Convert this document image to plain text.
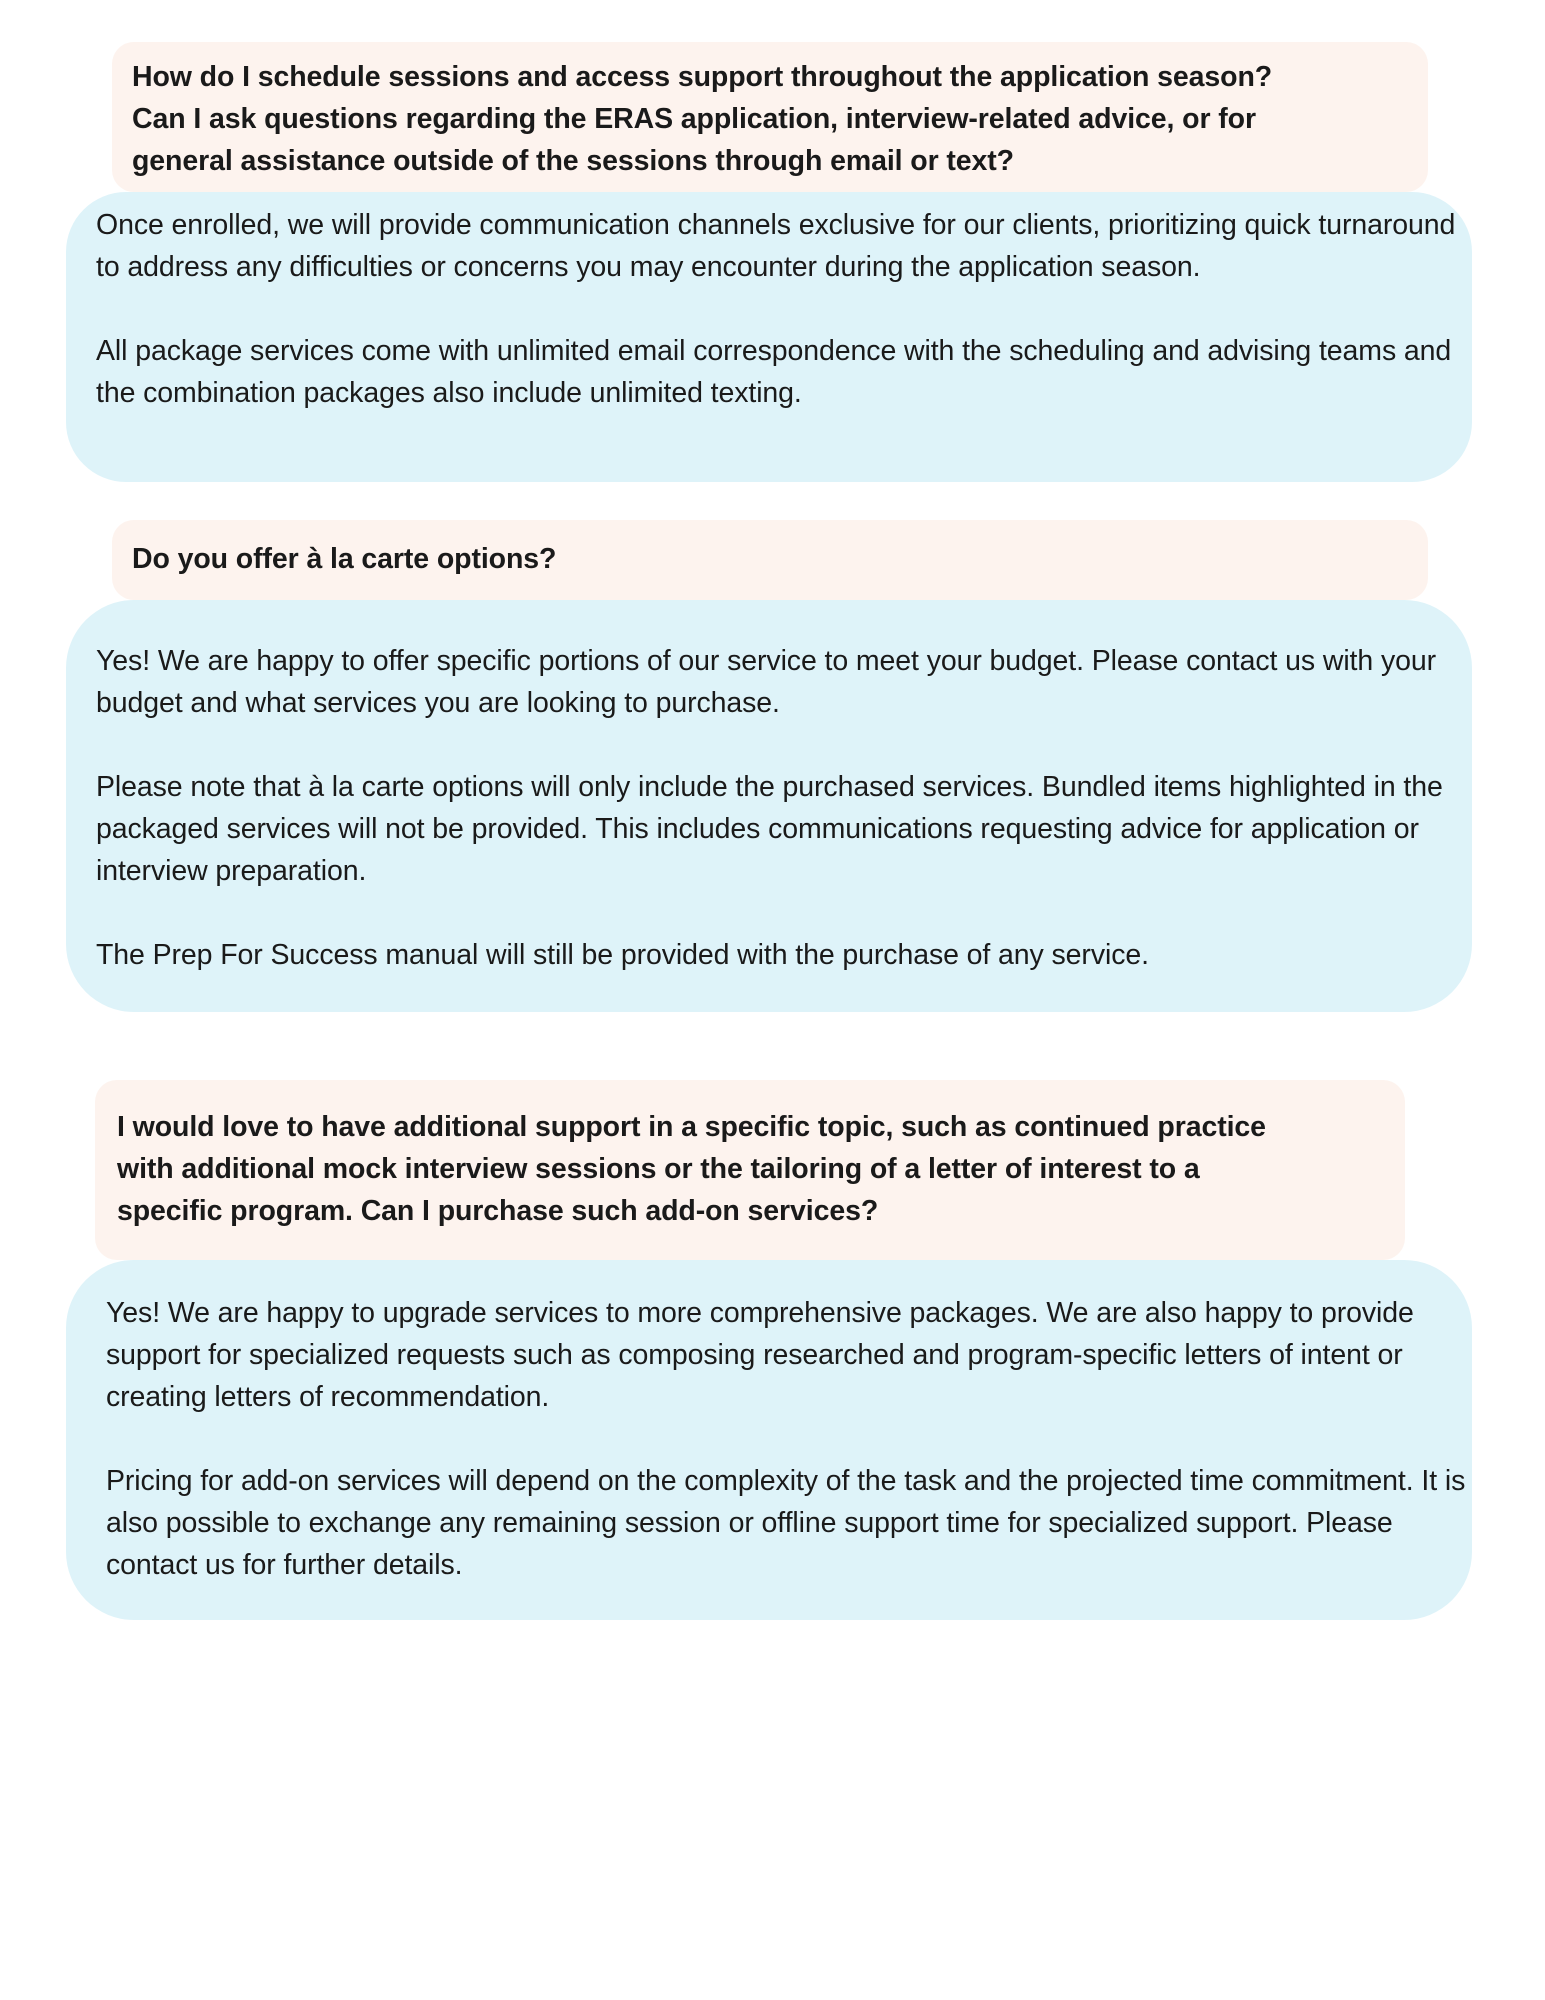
How do I schedule sessions and access support throughout the application season?
Can I ask questions regarding the ERAS application, interview-related advice, or for
general assistance outside of the sessions through email or text?

Once enrolled, we will provide communication channels exclusive for our clients, prioritizing quick turnaround to address any difficulties or concerns you may encounter during the application season.

All package services come with unlimited email correspondence with the scheduling and advising teams and the combination packages also include unlimited texting.

Do you offer à la carte options?

Yes! We are happy to offer specific portions of our service to meet your budget. Please contact us with your budget and what services you are looking to purchase.

Please note that à la carte options will only include the purchased services. Bundled items highlighted in the packaged services will not be provided. This includes communications requesting advice for application or interview preparation.

The Prep For Success manual will still be provided with the purchase of any service.

I would love to have additional support in a specific topic, such as continued practice
with additional mock interview sessions or the tailoring of a letter of interest to a
specific program. Can I purchase such add-on services?

Yes! We are happy to upgrade services to more comprehensive packages. We are also happy to provide support for specialized requests such as composing researched and program-specific letters of intent or creating letters of recommendation.

Pricing for add-on services will depend on the complexity of the task and the projected time commitment. It is also possible to exchange any remaining session or offline support time for specialized support. Please contact us for further details.
